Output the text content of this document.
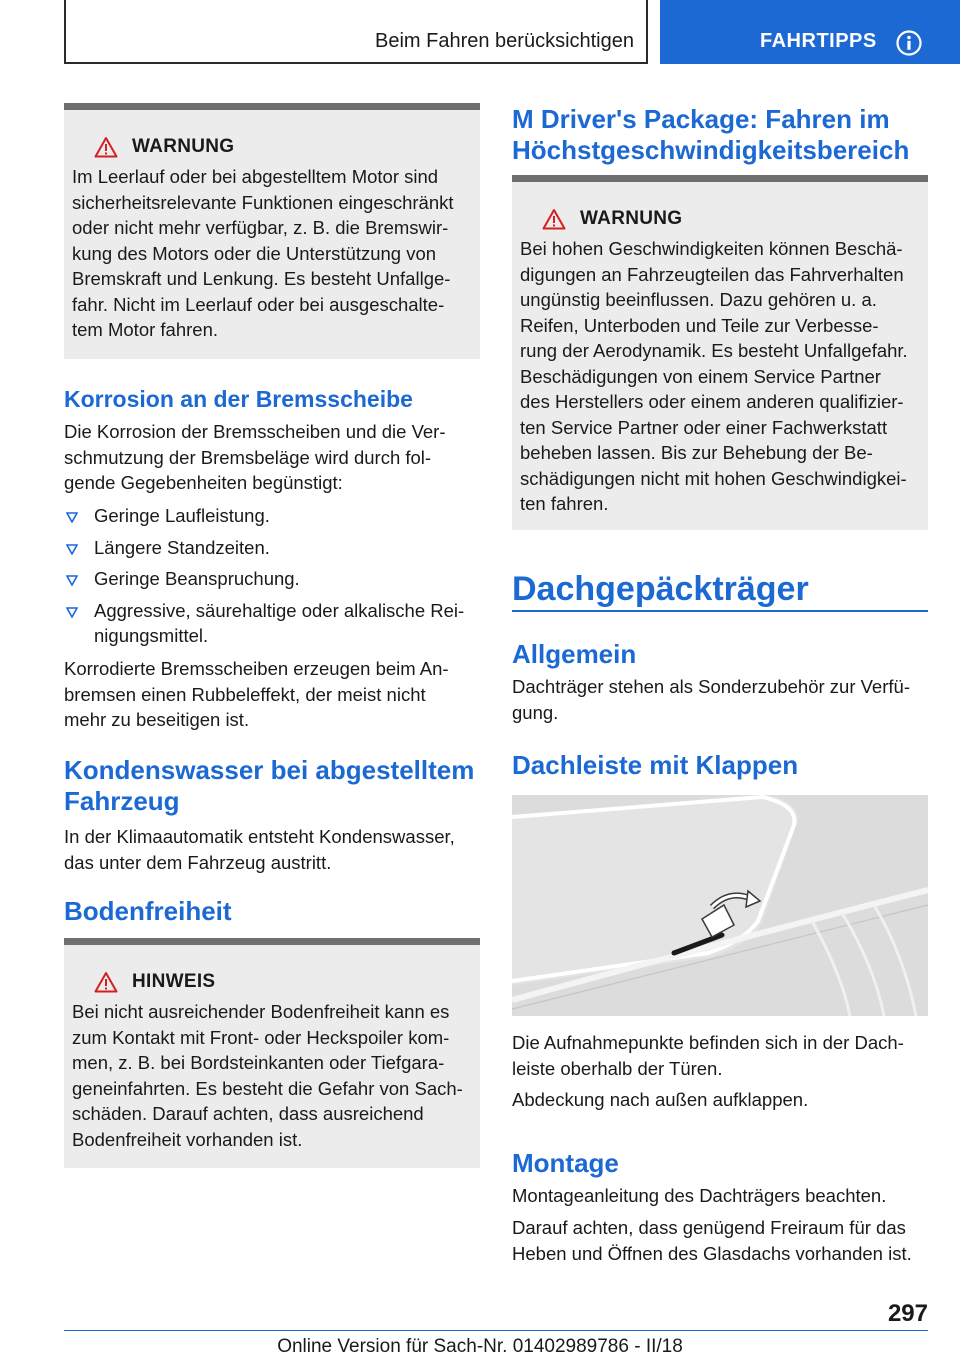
Beim Fahren berücksichtigen	FAHRTIPPS
WARNUNG

Im Leerlauf oder bei abgestelltem Motor sind

sicherheitsrelevante Funktionen eingeschränkt

oder nicht mehr verfügbar, z. B. die Bremswir-

kung des Motors oder die Unterstützung von

Bremskraft und Lenkung. Es besteht Unfallge-

fahr. Nicht im Leerlauf oder bei ausgeschalte-

tem Motor fahren.

Korrosion an der Bremsscheibe

Die Korrosion der Bremsscheiben und die Ver-

schmutzung der Bremsbeläge wird durch fol-

gende Gegebenheiten begünstigt:

Geringe Laufleistung.
Längere Standzeiten.
Geringe Beanspruchung.
Aggressive, säurehaltige oder alkalische Rei-
nigungsmittel.

Korrodierte Bremsscheiben erzeugen beim An-

bremsen einen Rubbeleffekt, der meist nicht

mehr zu beseitigen ist.

Kondenswasser bei abgestelltem

Fahrzeug

In der Klimaautomatik entsteht Kondenswasser,

das unter dem Fahrzeug austritt.

Bodenfreiheit
HINWEIS

Bei nicht ausreichender Bodenfreiheit kann es

zum Kontakt mit Front- oder Heckspoiler kom-

men, z. B. bei Bordsteinkanten oder Tiefgara-

geneinfahrten. Es besteht die Gefahr von Sach-

schäden. Darauf achten, dass ausreichend

Bodenfreiheit vorhanden ist.

M Driver's Package: Fahren im

Höchstgeschwindigkeitsbereich

WARNUNG

Bei hohen Geschwindigkeiten können Beschä-

digungen an Fahrzeugteilen das Fahrverhalten

ungünstig beeinflussen. Dazu gehören u. a.

Reifen, Unterboden und Teile zur Verbesse-

rung der Aerodynamik. Es besteht Unfallgefahr.

Beschädigungen von einem Service Partner

des Herstellers oder einem anderen qualifizier-

ten Service Partner oder einer Fachwerkstatt

beheben lassen. Bis zur Behebung der Be-

schädigungen nicht mit hohen Geschwindigkei-

ten fahren.

Dachgepäckträger
Allgemein

Dachträger stehen als Sonderzubehör zur Verfü-

gung.

Dachleiste mit Klappen

Die Aufnahmepunkte befinden sich in der Dach-

leiste oberhalb der Türen.

Abdeckung nach außen aufklappen.

Montage

Montageanleitung des Dachträgers beachten.

Darauf achten, dass genügend Freiraum für das

Heben und Öffnen des Glasdachs vorhanden ist.

297
Online Version für Sach-Nr. 01402989786 - II/18
